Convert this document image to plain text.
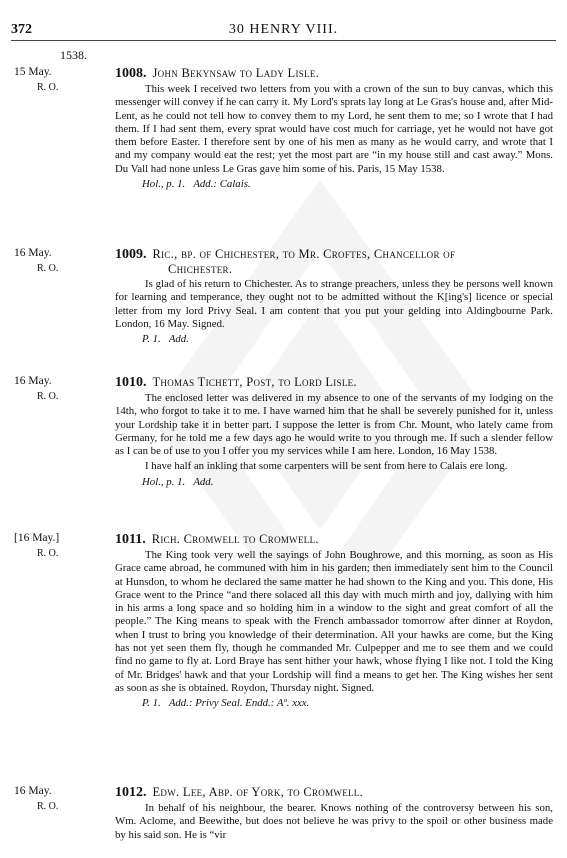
372	30 HENRY VIII.
1538.
15 May.
R. O.
1008. John Bekynsaw to Lady Lisle.

This week I received two letters from you with a crown of the sun to buy canvas, which this messenger will convey if he can carry it. My Lord's sprats lay long at Le Gras's house and, after Mid-Lent, as he could not tell how to convey them to my Lord, he sent them to me; so I wrote that I had them. If I had sent them, every sprat would have cost much for carriage, yet he would not have got them before Easter. I therefore sent by one of his men as many as he would carry, and wrote that I and my company would eat the rest; yet the most part are “in my house still and cast away.” Mons. Du Vall had none unless Le Gras gave him some of his. Paris, 15 May 1538.

Hol., p. 1. Add.: Calais.

16 May.
R. O.
1009. Ric., bp. of Chichester, to Mr. Croftes, Chancellor of
Chichester.

Is glad of his return to Chichester. As to strange preachers, unless they be persons well known for learning and temperance, they ought not to be admitted without the K[ing's] licence or special letter from my lord Privy Seal. I am content that you put your gelding into Aldingbourne Park. London, 16 May. Signed.

P. 1. Add.

16 May.
R. O.
1010. Thomas Tichett, Post, to Lord Lisle.

The enclosed letter was delivered in my absence to one of the servants of my lodging on the 14th, who forgot to take it to me. I have warned him that he shall be severely punished for it, unless your Lordship take it in better part. I suppose the letter is from Chr. Mount, who lately came from Germany, for he told me a few days ago he would write to you through me. If such a slender fellow as I can be of use to you I offer you my services while I am here. London, 16 May 1538.

I have half an inkling that some carpenters will be sent from here to Calais ere long.

Hol., p. 1. Add.

[16 May.]
R. O.
1011. Rich. Cromwell to Cromwell.

The King took very well the sayings of John Boughrowe, and this morning, as soon as His Grace came abroad, he communed with him in his garden; then immediately sent him to the Council at Hunsdon, to whom he declared the same matter he had shown to the King and you. This done, His Grace went to the Prince “and there solaced all this day with much mirth and joy, dallying with him in his arms a long space and so holding him in a window to the sight and great comfort of all the people.” The King means to speak with the French ambassador tomorrow after dinner at Roydon, when I trust to bring you knowledge of their determination. All your hawks are come, but the King has not yet seen them fly, though he commanded Mr. Culpepper and me to see them and we could find no game to fly at. Lord Braye has sent hither your hawk, whose flying I like not. I told the King of Mr. Bridges' hawk and that your Lordship will find a means to get her. The King wishes her sent as soon as she is obtained. Roydon, Thursday night. Signed.

P. 1. Add.: Privy Seal. Endd.: Aº. xxx.

16 May.
R. O.
1012. Edw. Lee, Abp. of York, to Cromwell.

In behalf of his neighbour, the bearer. Knows nothing of the controversy between his son, Wm. Aclome, and Beewithe, but does not believe he was privy to the spoil or other business made by his said son. He is “vir
